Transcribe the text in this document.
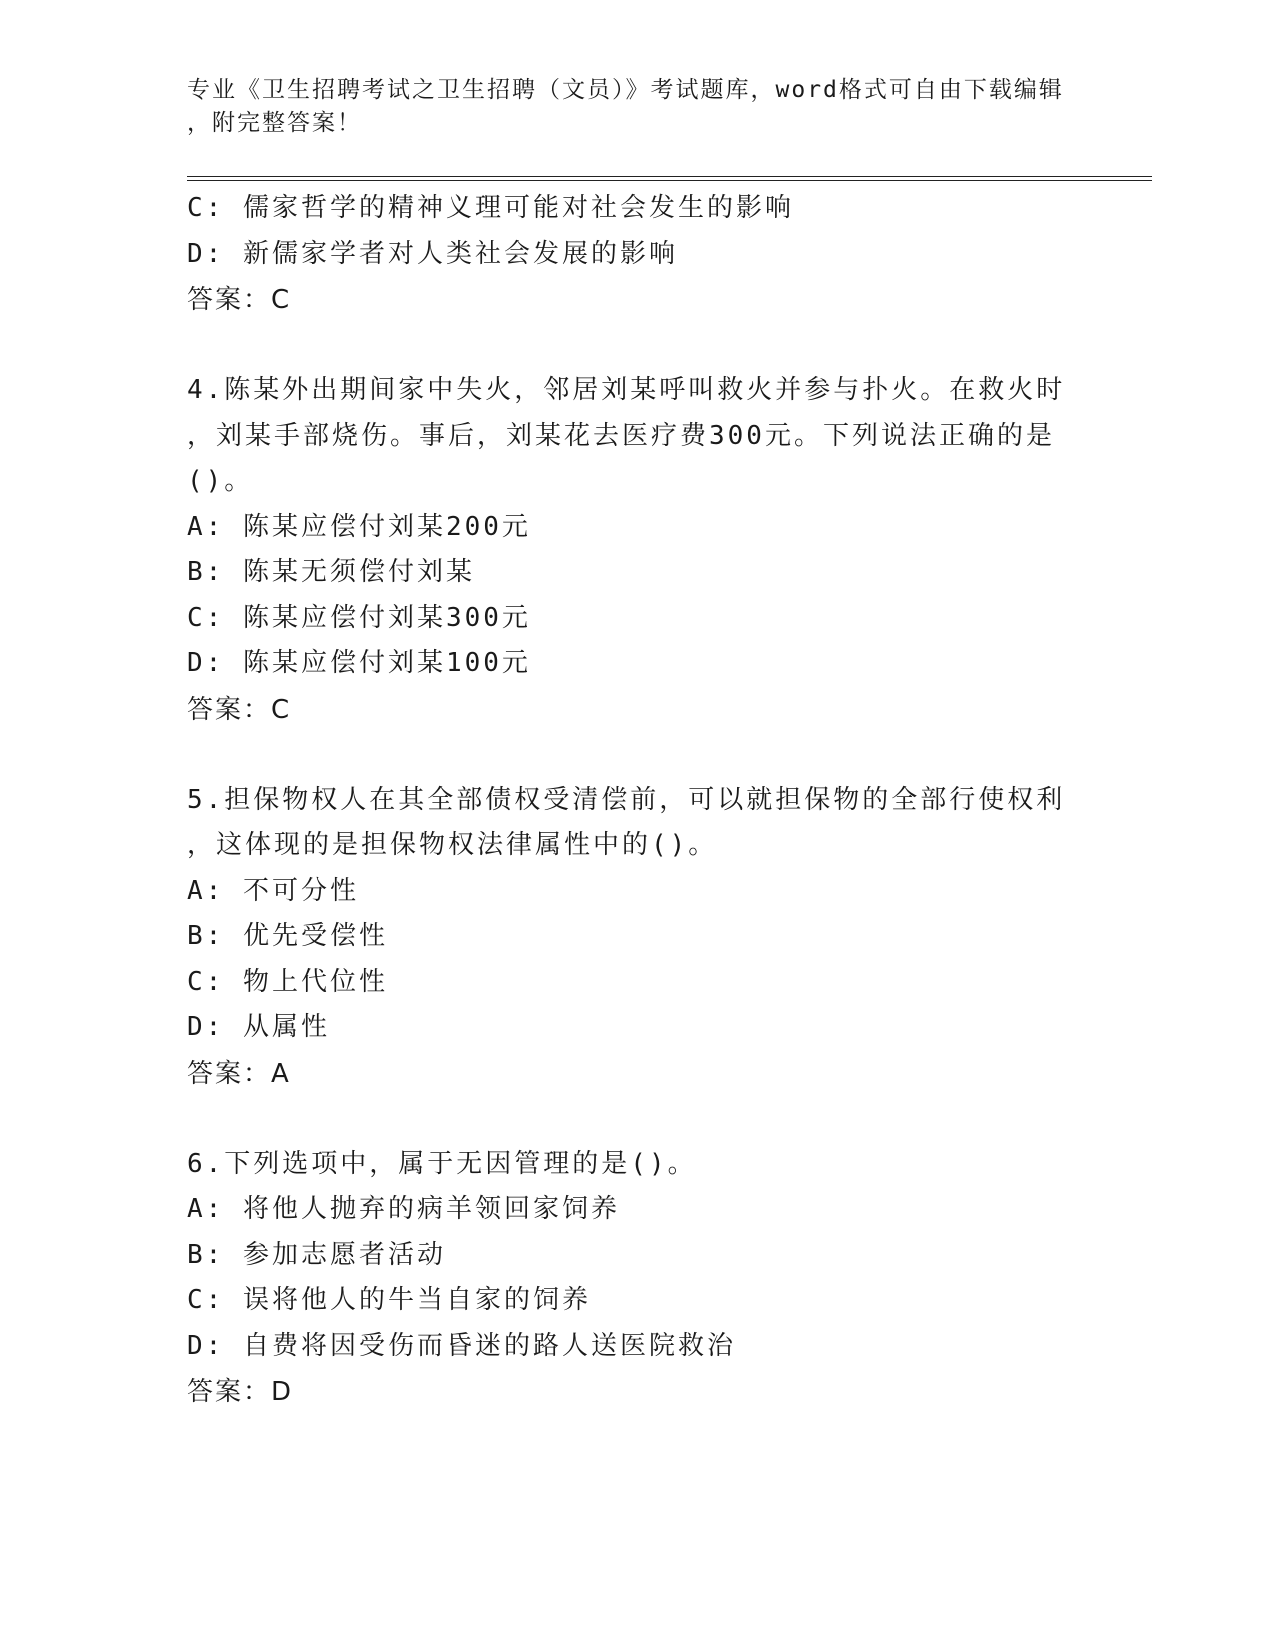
专业《卫生招聘考试之卫生招聘（文员）》考试题库，word格式可自由下载编辑
，附完整答案！

C: 儒家哲学的精神义理可能对社会发生的影响

D: 新儒家学者对人类社会发展的影响

答案：C

4.陈某外出期间家中失火，邻居刘某呼叫救火并参与扑火。在救火时

，刘某手部烧伤。事后，刘某花去医疗费300元。下列说法正确的是

()。

A: 陈某应偿付刘某200元

B: 陈某无须偿付刘某

C: 陈某应偿付刘某300元

D: 陈某应偿付刘某100元

答案：C

5.担保物权人在其全部债权受清偿前，可以就担保物的全部行使权利

，这体现的是担保物权法律属性中的()。

A: 不可分性

B: 优先受偿性

C: 物上代位性

D: 从属性

答案：A

6.下列选项中，属于无因管理的是()。

A: 将他人抛弃的病羊领回家饲养

B: 参加志愿者活动

C: 误将他人的牛当自家的饲养

D: 自费将因受伤而昏迷的路人送医院救治

答案：D
